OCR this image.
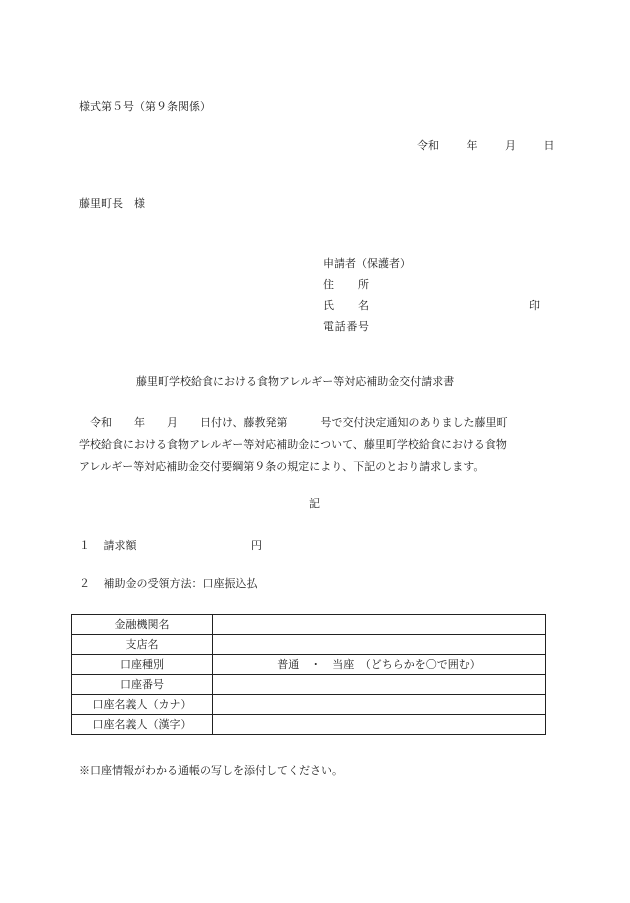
様式第５号（第９条関係）
令和	年	月	日
藤里町長　様
申請者（保護者）
住所
氏名	印
電話番号
藤里町学校給食における食物アレルギー等対応補助金交付請求書
令和　　年　　月　　日付け、藤教発第　　　号で交付決定通知のありました藤里町
学校給食における食物アレルギー等対応補助金について、藤里町学校給食における食物
アレルギー等対応補助金交付要綱第９条の規定により、下記のとおり請求します。
記
１ 請求額	円
２ 補助金の受領方法：口座振込払
金融機関名	
支店名	
口座種別	普通　・　当座　（どちらかを〇で囲む）
口座番号	
口座名義人（カナ）	
口座名義人（漢字）	
※口座情報がわかる通帳の写しを添付してください。
